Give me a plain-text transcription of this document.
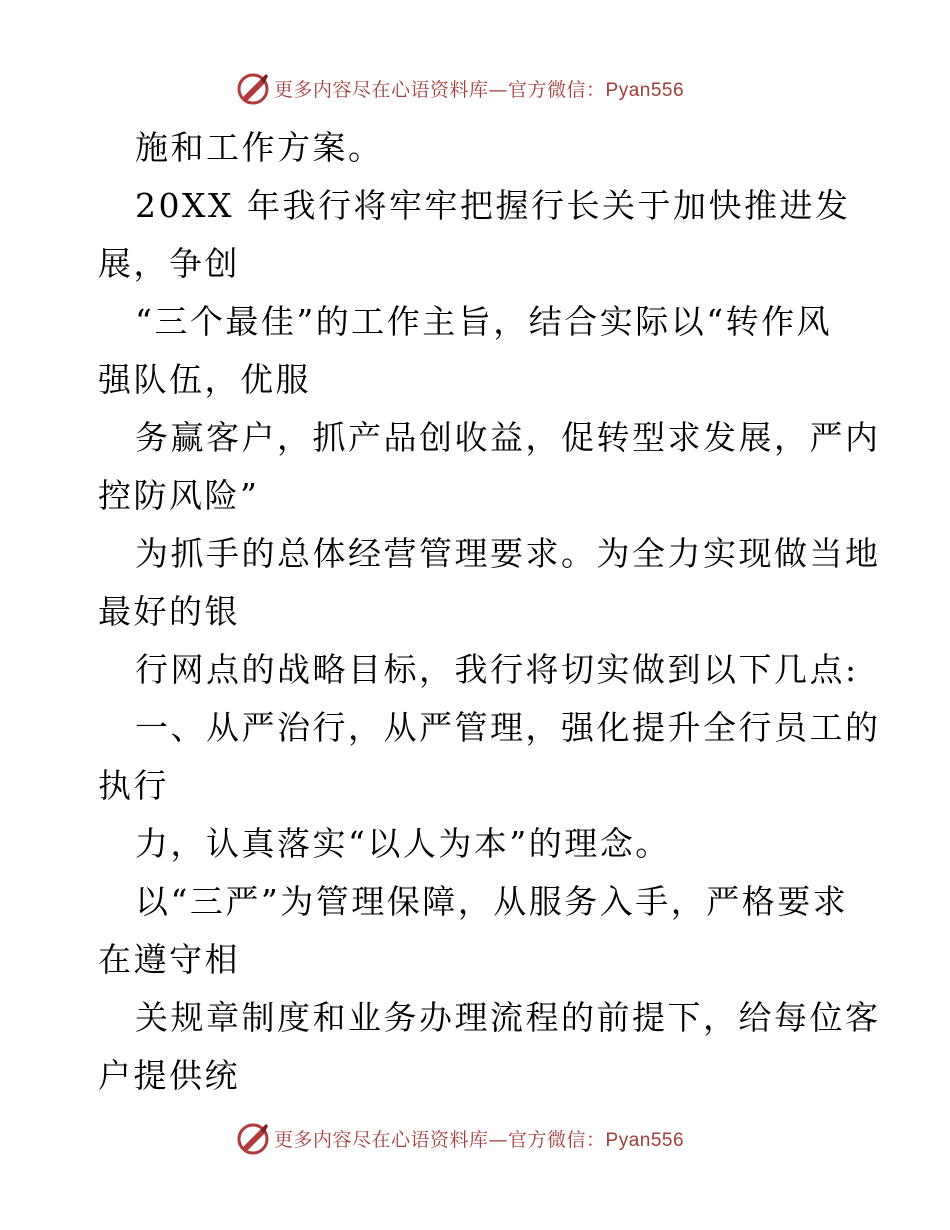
更多内容尽在心语资料库—官方微信：Pyan556
施和工作方案。
20XX 年我行将牢牢把握行长关于加快推进发
展，争创
“三个最佳”的工作主旨，结合实际以“转作风
强队伍，优服
务赢客户，抓产品创收益，促转型求发展，严内
控防风险”
为抓手的总体经营管理要求。为全力实现做当地
最好的银
行网点的战略目标，我行将切实做到以下几点:
一、从严治行，从严管理，强化提升全行员工的
执行
力，认真落实“以人为本”的理念。
以“三严”为管理保障，从服务入手，严格要求
在遵守相
关规章制度和业务办理流程的前提下，给每位客
户提供统
更多内容尽在心语资料库—官方微信：Pyan556
